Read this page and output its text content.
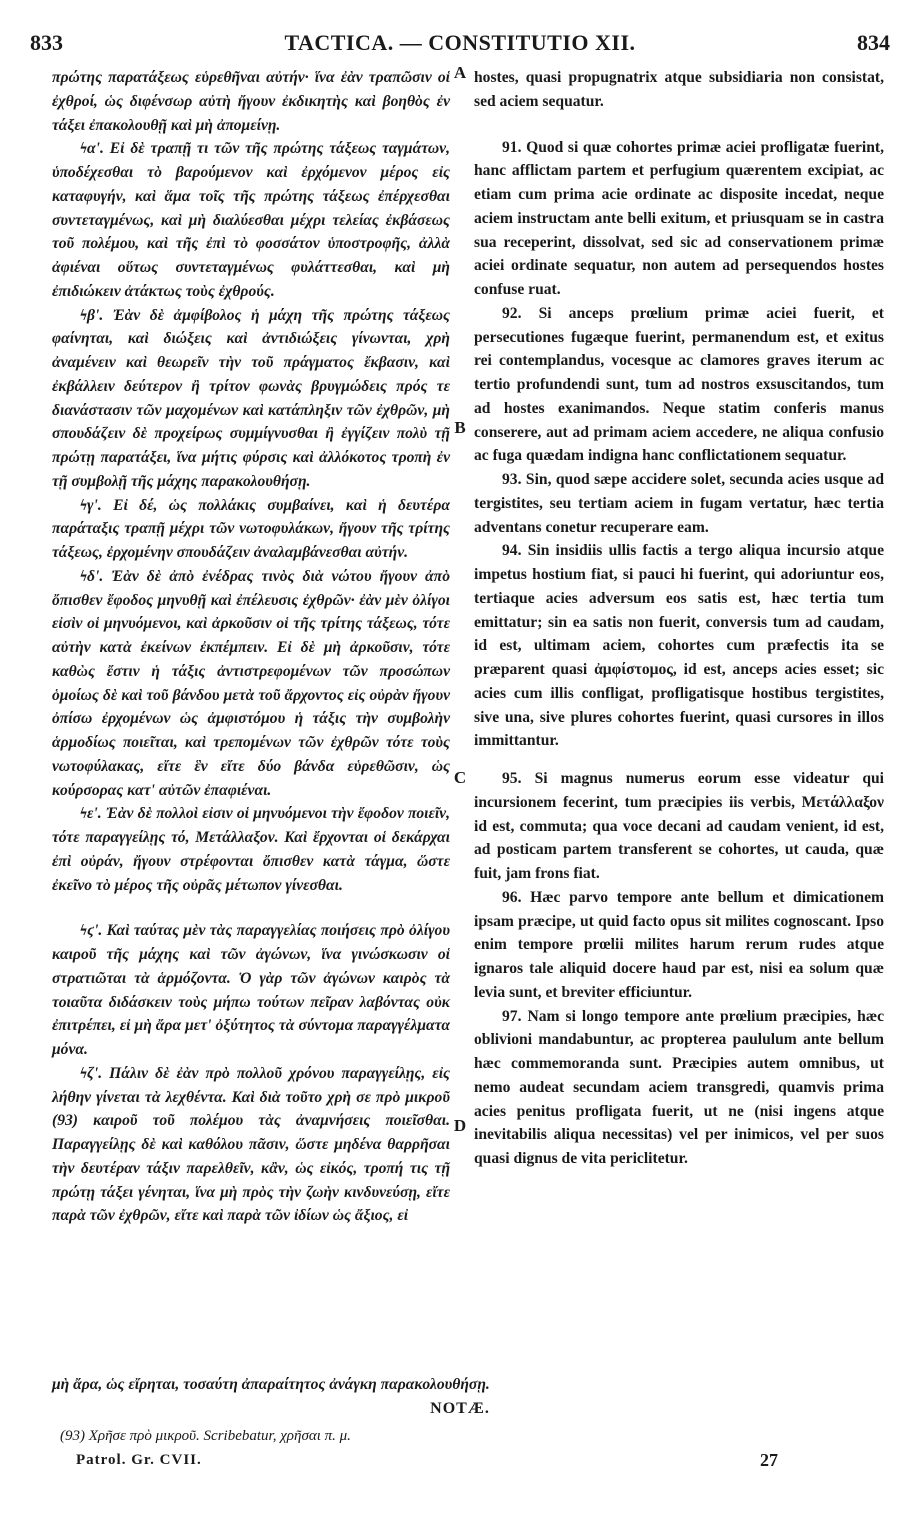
833	TACTICA. — CONSTITUTIO XII.	834

πρώτης παρατάξεως εὑρεθῆναι αὐτήν· ἵνα ἐὰν τραπῶσιν οἱ ἐχθροί, ὡς διφένσωρ αὐτὴ ἤγουν ἐκδικητὴς καὶ βοηθὸς ἐν τάξει ἐπακολουθῇ καὶ μὴ ἀπομείνῃ.

ϟα'. Εἰ δὲ τραπῇ τι τῶν τῆς πρώτης τάξεως ταγμάτων, ὑποδέχεσθαι τὸ βαρούμενον καὶ ἐρχόμενον μέρος εἰς καταφυγήν, καὶ ἅμα τοῖς τῆς πρώτης τάξεως ἐπέρχεσθαι συντεταγμένως, καὶ μὴ διαλύεσθαι μέχρι τελείας ἐκβάσεως τοῦ πολέμου, καὶ τῆς ἐπὶ τὸ φοσσάτον ὑποστροφῆς, ἀλλὰ ἀφιέναι οὕτως συντεταγμένως φυλάττεσθαι, καὶ μὴ ἐπιδιώκειν ἀτάκτως τοὺς ἐχθρούς.

ϟβ'. Ἐὰν δὲ ἀμφίβολος ἡ μάχη τῆς πρώτης τάξεως φαίνηται, καὶ διώξεις καὶ ἀντιδιώξεις γίνωνται, χρὴ ἀναμένειν καὶ θεωρεῖν τὴν τοῦ πράγματος ἔκβασιν, καὶ ἐκβάλλειν δεύτερον ἢ τρίτον φωνὰς βρυγμώδεις πρός τε διανάστασιν τῶν μαχομένων καὶ κατάπληξιν τῶν ἐχθρῶν, μὴ σπουδάζειν δὲ προχείρως συμμίγνυσθαι ἢ ἐγγίζειν πολὺ τῇ πρώτῃ παρατάξει, ἵνα μήτις φύρσις καὶ ἀλλόκοτος τροπὴ ἐν τῇ συμβολῇ τῆς μάχης παρακολουθήσῃ.

ϟγ'. Εἰ δέ, ὡς πολλάκις συμβαίνει, καὶ ἡ δευτέρα παράταξις τραπῇ μέχρι τῶν νωτοφυλάκων, ἤγουν τῆς τρίτης τάξεως, ἐρχομένην σπουδάζειν ἀναλαμβάνεσθαι αὐτήν.

ϟδ'. Ἐὰν δὲ ἀπὸ ἐνέδρας τινὸς διὰ νώτου ἤγουν ἀπὸ ὄπισθεν ἔφοδος μηνυθῇ καὶ ἐπέλευσις ἐχθρῶν· ἐὰν μὲν ὀλίγοι εἰσὶν οἱ μηνυόμενοι, καὶ ἀρκοῦσιν οἱ τῆς τρίτης τάξεως, τότε αὐτὴν κατὰ ἐκείνων ἐκπέμπειν. Εἰ δὲ μὴ ἀρκοῦσιν, τότε καθὼς ἔστιν ἡ τάξις ἀντιστρεφομένων τῶν προσώπων ὁμοίως δὲ καὶ τοῦ βάνδου μετὰ τοῦ ἄρχοντος εἰς οὐρὰν ἤγουν ὀπίσω ἐρχομένων ὡς ἀμφιστόμου ἡ τάξις τὴν συμβολὴν ἁρμοδίως ποιεῖται, καὶ τρεπομένων τῶν ἐχθρῶν τότε τοὺς νωτοφύλακας, εἴτε ἓν εἴτε δύο βάνδα εὑρεθῶσιν, ὡς κούρσορας κατ' αὐτῶν ἐπαφιέναι.

ϟε'. Ἐὰν δὲ πολλοὶ εἰσιν οἱ μηνυόμενοι τὴν ἔφοδον ποιεῖν, τότε παραγγείλῃς τό, Μετάλλαξον. Καὶ ἔρχονται οἱ δεκάρχαι ἐπὶ οὐράν, ἤγουν στρέφονται ὄπισθεν κατὰ τάγμα, ὥστε ἐκεῖνο τὸ μέρος τῆς οὐρᾶς μέτωπον γίνεσθαι.

ϟϛ'. Καὶ ταύτας μὲν τὰς παραγγελίας ποιήσεις πρὸ ὀλίγου καιροῦ τῆς μάχης καὶ τῶν ἀγώνων, ἵνα γινώσκωσιν οἱ στρατιῶται τὰ ἁρμόζοντα. Ὁ γὰρ τῶν ἀγώνων καιρὸς τὰ τοιαῦτα διδάσκειν τοὺς μήπω τούτων πεῖραν λαβόντας οὐκ ἐπιτρέπει, εἰ μὴ ἄρα μετ' ὀξύτητος τὰ σύντομα παραγγέλματα μόνα.

ϟζ'. Πάλιν δὲ ἐὰν πρὸ πολλοῦ χρόνου παραγγείλῃς, εἰς λήθην γίνεται τὰ λεχθέντα. Καὶ διὰ τοῦτο χρὴ σε πρὸ μικροῦ (93) καιροῦ τοῦ πολέμου τὰς ἀναμνήσεις ποιεῖσθαι. Παραγγείλῃς δὲ καὶ καθόλου πᾶσιν, ὥστε μηδένα θαρρῆσαι τὴν δευτέραν τάξιν παρελθεῖν, κἂν, ὡς εἰκός, τροπή τις τῇ πρώτῃ τάξει γένηται, ἵνα μὴ πρὸς τὴν ζωὴν κινδυνεύσῃ, εἴτε παρὰ τῶν ἐχθρῶν, εἴτε καὶ παρὰ τῶν ἰδίων ὡς ἄξιος, εἰ

hostes, quasi propugnatrix atque subsidiaria non consistat, sed aciem sequatur.

91. Quod si quæ cohortes primæ aciei profligatæ fuerint, hanc afflictam partem et perfugium quærentem excipiat, ac etiam cum prima acie ordinate ac disposite incedat, neque aciem instructam ante belli exitum, et priusquam se in castra sua receperint, dissolvat, sed sic ad conservationem primæ aciei ordinate sequatur, non autem ad persequendos hostes confuse ruat.

92. Si anceps prœlium primæ aciei fuerit, et persecutiones fugæque fuerint, permanendum est, et exitus rei contemplandus, vocesque ac clamores graves iterum ac tertio profundendi sunt, tum ad nostros exsuscitandos, tum ad hostes exanimandos. Neque statim conferis manus conserere, aut ad primam aciem accedere, ne aliqua confusio ac fuga quædam indigna hanc conflictationem sequatur.

93. Sin, quod sæpe accidere solet, secunda acies usque ad tergistites, seu tertiam aciem in fugam vertatur, hæc tertia adventans conetur recuperare eam.

94. Sin insidiis ullis factis a tergo aliqua incursio atque impetus hostium fiat, si pauci hi fuerint, qui adoriuntur eos, tertiaque acies adversum eos satis est, hæc tertia tum emittatur; sin ea satis non fuerit, conversis tum ad caudam, id est, ultimam aciem, cohortes cum præfectis ita se præparent quasi ἀμφίστομος, id est, anceps acies esset; sic acies cum illis confligat, profligatisque hostibus tergistites, sive una, sive plures cohortes fuerint, quasi cursores in illos immittantur.

95. Si magnus numerus eorum esse videatur qui incursionem fecerint, tum præcipies iis verbis, Μετάλλαξον id est, commuta; qua voce decani ad caudam venient, id est, ad posticam partem transferent se cohortes, ut cauda, quæ fuit, jam frons fiat.

96. Hæc parvo tempore ante bellum et dimicationem ipsam præcipe, ut quid facto opus sit milites cognoscant. Ipso enim tempore prœlii milites harum rerum rudes atque ignaros tale aliquid docere haud par est, nisi ea solum quæ levia sunt, et breviter efficiuntur.

97. Nam si longo tempore ante prœlium præcipies, hæc oblivioni mandabuntur, ac propterea paululum ante bellum hæc commemoranda sunt. Præcipies autem omnibus, ut nemo audeat secundam aciem transgredi, quamvis prima acies penitus profligata fuerit, ut ne (nisi ingens atque inevitabilis aliqua necessitas) vel per inimicos, vel per suos quasi dignus de vita periclitetur.

A
B
C
D
μὴ ἄρα, ὡς εἴρηται, τοσαύτη ἀπαραίτητος ἀνάγκη παρακολουθήσῃ.
NOTÆ.
(93) Χρῆσε πρὸ μικροῦ. Scribebatur, χρῆσαι π. μ.
Patrol. Gr. CVII.	27
